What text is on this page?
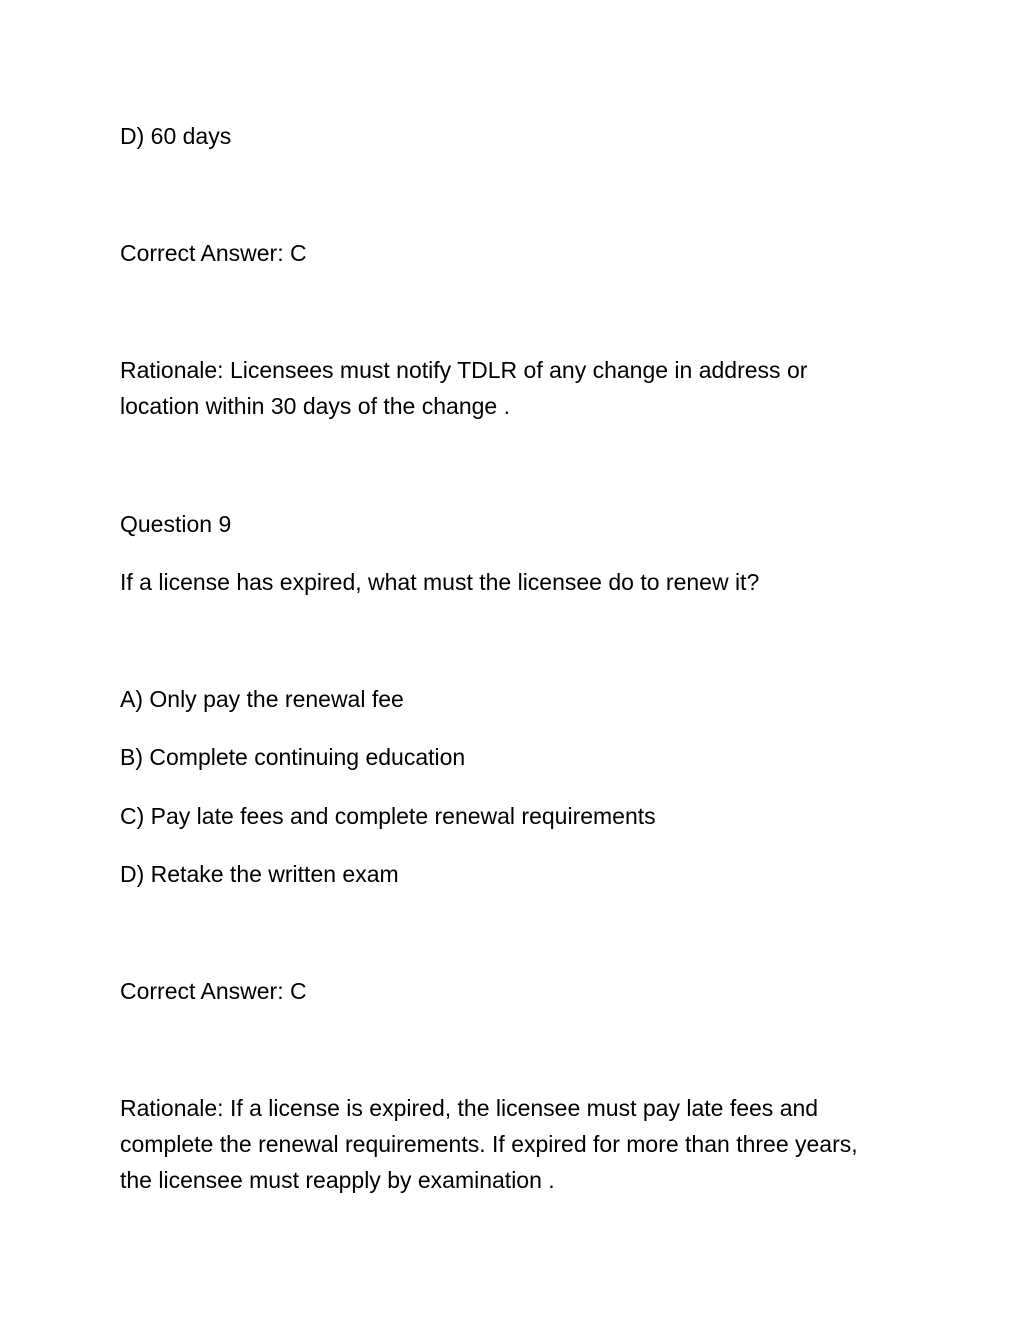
D) 60 days

Correct Answer: C

Rationale: Licensees must notify TDLR of any change in address or location within 30 days of the change .

Question 9

If a license has expired, what must the licensee do to renew it?

A) Only pay the renewal fee

B) Complete continuing education

C) Pay late fees and complete renewal requirements

D) Retake the written exam

Correct Answer: C

Rationale: If a license is expired, the licensee must pay late fees and complete the renewal requirements. If expired for more than three years, the licensee must reapply by examination .
